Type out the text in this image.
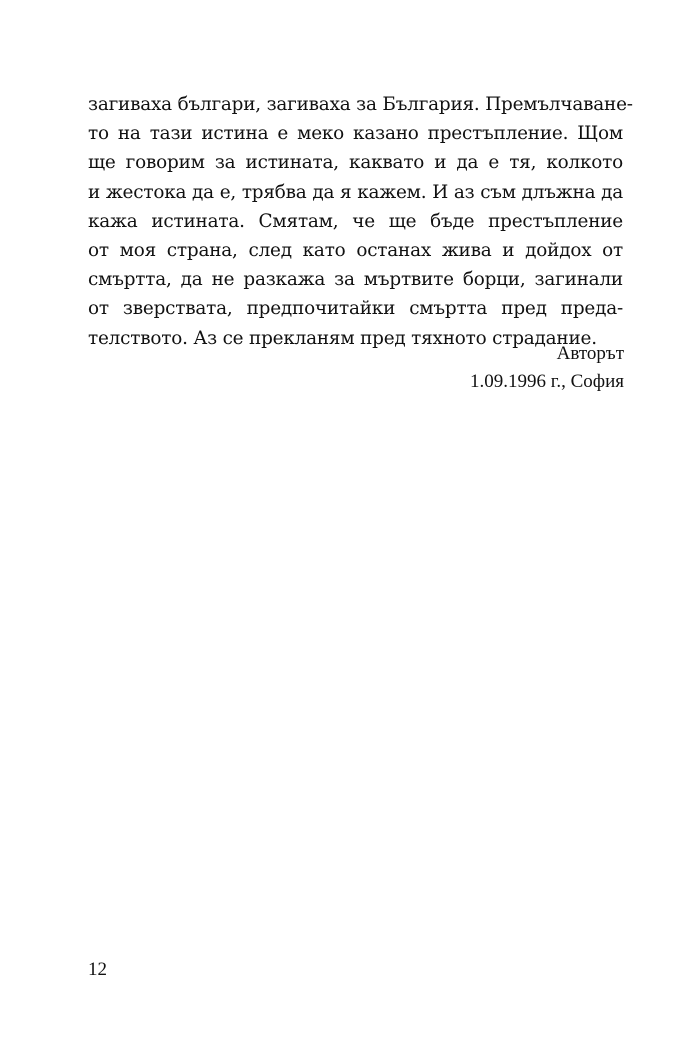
загиваха българи, загиваха за България. Премълчаване-
то на тази истина е меко казано престъпление. Щом
ще говорим за истината, каквато и да е тя, колкото
и жестока да е, трябва да я кажем. И аз съм длъжна да
кажа истината. Смятам, че ще бъде престъпление
от моя страна, след като останах жива и дойдох от
смъртта, да не разкажа за мъртвите борци, загинали
от зверствата, предпочитайки смъртта пред преда-
телството. Аз се прекланям пред тяхното страдание.
Авторът
1.09.1996 г., София
12
